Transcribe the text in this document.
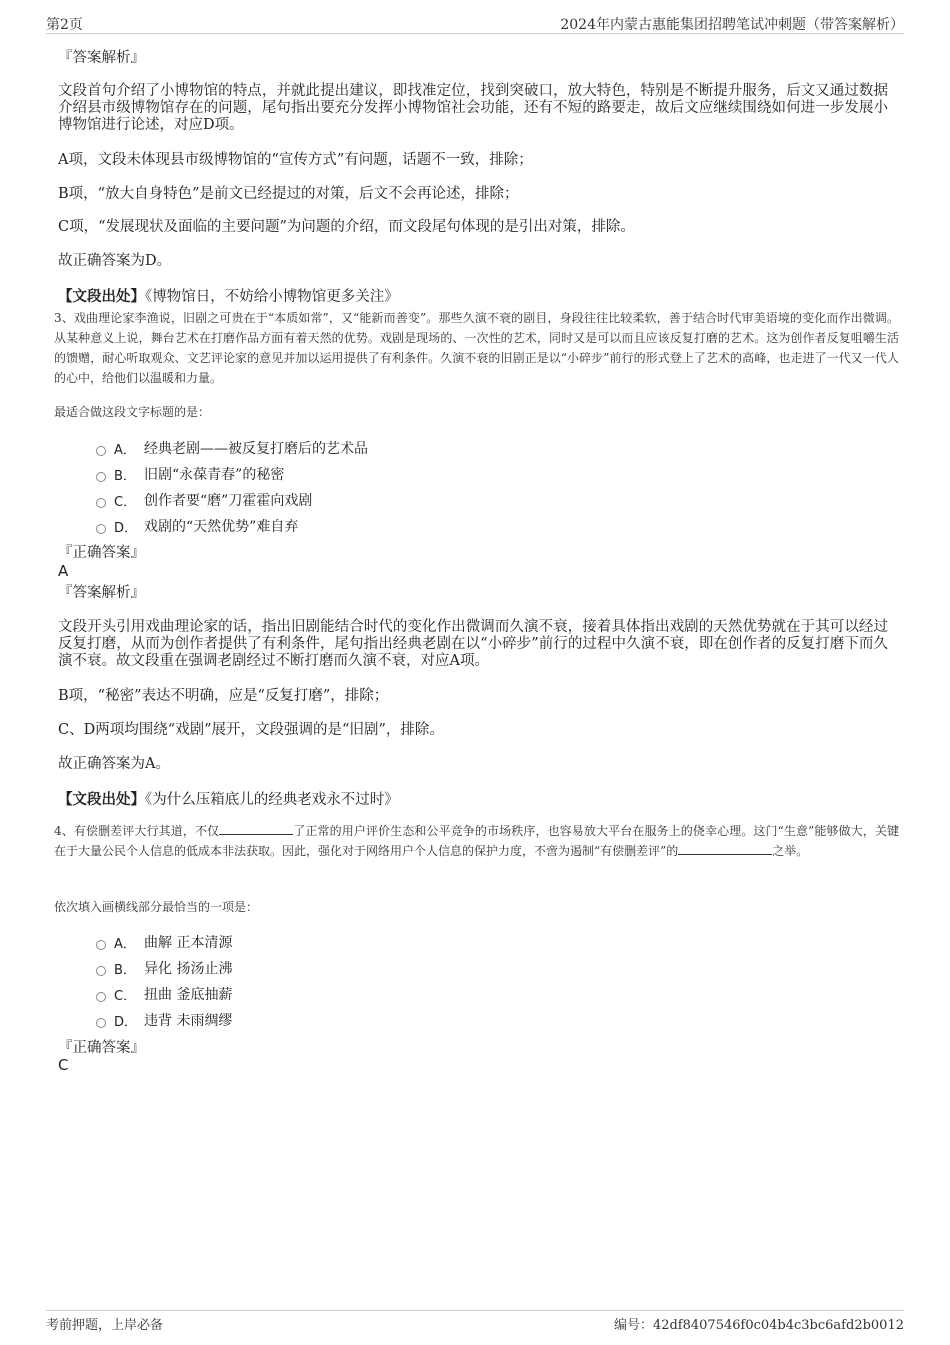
第2页	2024年内蒙古惠能集团招聘笔试冲刺题（带答案解析）
『答案解析』
文段首句介绍了小博物馆的特点，并就此提出建议，即找准定位，找到突破口，放大特色，特别是不断提升服务，后文又通过数据介绍县市级博物馆存在的问题，尾句指出要充分发挥小博物馆社会功能，还有不短的路要走，故后文应继续围绕如何进一步发展小博物馆进行论述，对应D项。
A项，文段未体现县市级博物馆的“宣传方式”有问题，话题不一致，排除；
B项，“放大自身特色”是前文已经提过的对策，后文不会再论述，排除；
C项，“发展现状及面临的主要问题”为问题的介绍，而文段尾句体现的是引出对策，排除。
故正确答案为D。
【文段出处】《博物馆日，不妨给小博物馆更多关注》
3、戏曲理论家李渔说，旧剧之可贵在于“本质如常”，又“能新而善变”。那些久演不衰的剧目，身段往往比较柔软，善于结合时代审美语境的变化而作出微调。从某种意义上说，舞台艺术在打磨作品方面有着天然的优势。戏剧是现场的、一次性的艺术，同时又是可以而且应该反复打磨的艺术。这为创作者反复咀嚼生活的馈赠，耐心听取观众、文艺评论家的意见并加以运用提供了有利条件。久演不衰的旧剧正是以“小碎步”前行的形式登上了艺术的高峰，也走进了一代又一代人的心中，给他们以温暖和力量。
最适合做这段文字标题的是：
A． 经典老剧——被反复打磨后的艺术品
B． 旧剧“永葆青春”的秘密
C． 创作者要“磨”刀霍霍向戏剧
D． 戏剧的“天然优势”难自弃
『正确答案』
A
『答案解析』
文段开头引用戏曲理论家的话，指出旧剧能结合时代的变化作出微调而久演不衰，接着具体指出戏剧的天然优势就在于其可以经过反复打磨，从而为创作者提供了有利条件，尾句指出经典老剧在以“小碎步”前行的过程中久演不衰，即在创作者的反复打磨下而久演不衰。故文段重在强调老剧经过不断打磨而久演不衰，对应A项。
B项，“秘密”表达不明确，应是“反复打磨”，排除；
C、D两项均围绕“戏剧”展开，文段强调的是“旧剧”，排除。
故正确答案为A。
【文段出处】《为什么压箱底儿的经典老戏永不过时》
4、有偿删差评大行其道，不仅	了正常的用户评价生态和公平竞争的市场秩序，也容易放大平台在服务上的侥幸心理。这门“生意”能够做大，关键在于大量公民个人信息的低成本非法获取。因此，强化对于网络用户个人信息的保护力度，不啻为遏制“有偿删差评”的	之举。
依次填入画横线部分最恰当的一项是：
A． 曲解 正本清源
B． 异化 扬汤止沸
C． 扭曲 釜底抽薪
D． 违背 未雨绸缪
『正确答案』
C
考前押题，上岸必备	编号：42df8407546f0c04b4c3bc6afd2b0012
